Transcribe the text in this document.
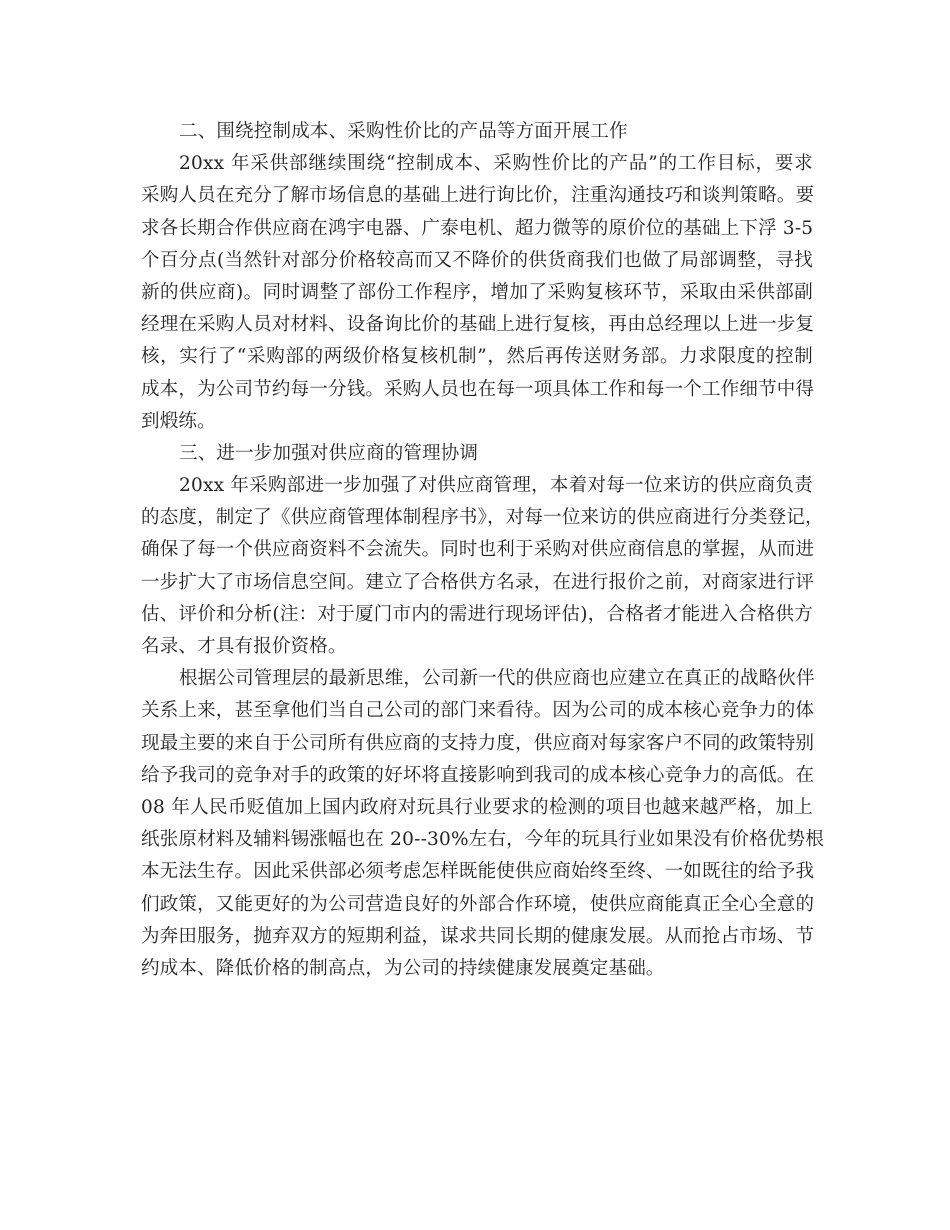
二、围绕控制成本、采购性价比的产品等方面开展工作
20xx 年采供部继续围绕“控制成本、采购性价比的产品”的工作目标，要求
采购人员在充分了解市场信息的基础上进行询比价，注重沟通技巧和谈判策略。要
求各长期合作供应商在鸿宇电器、广泰电机、超力微等的原价位的基础上下浮 3-5
个百分点(当然针对部分价格较高而又不降价的供货商我们也做了局部调整，寻找
新的供应商)。同时调整了部份工作程序，增加了采购复核环节，采取由采供部副
经理在采购人员对材料、设备询比价的基础上进行复核，再由总经理以上进一步复
核，实行了“采购部的两级价格复核机制”，然后再传送财务部。力求限度的控制
成本，为公司节约每一分钱。采购人员也在每一项具体工作和每一个工作细节中得
到煅练。
三、进一步加强对供应商的管理协调
20xx 年采购部进一步加强了对供应商管理，本着对每一位来访的供应商负责
的态度，制定了《供应商管理体制程序书》，对每一位来访的供应商进行分类登记，
确保了每一个供应商资料不会流失。同时也利于采购对供应商信息的掌握，从而进
一步扩大了市场信息空间。建立了合格供方名录，在进行报价之前，对商家进行评
估、评价和分析(注：对于厦门市内的需进行现场评估)，合格者才能进入合格供方
名录、才具有报价资格。
根据公司管理层的最新思维，公司新一代的供应商也应建立在真正的战略伙伴
关系上来，甚至拿他们当自己公司的部门来看待。因为公司的成本核心竞争力的体
现最主要的来自于公司所有供应商的支持力度，供应商对每家客户不同的政策特别
给予我司的竞争对手的政策的好坏将直接影响到我司的成本核心竞争力的高低。在
08 年人民币贬值加上国内政府对玩具行业要求的检测的项目也越来越严格，加上
纸张原材料及辅料锡涨幅也在 20--30%左右，今年的玩具行业如果没有价格优势根
本无法生存。因此采供部必须考虑怎样既能使供应商始终至终、一如既往的给予我
们政策，又能更好的为公司营造良好的外部合作环境，使供应商能真正全心全意的
为奔田服务，抛弃双方的短期利益，谋求共同长期的健康发展。从而抢占市场、节
约成本、降低价格的制高点，为公司的持续健康发展奠定基础。
